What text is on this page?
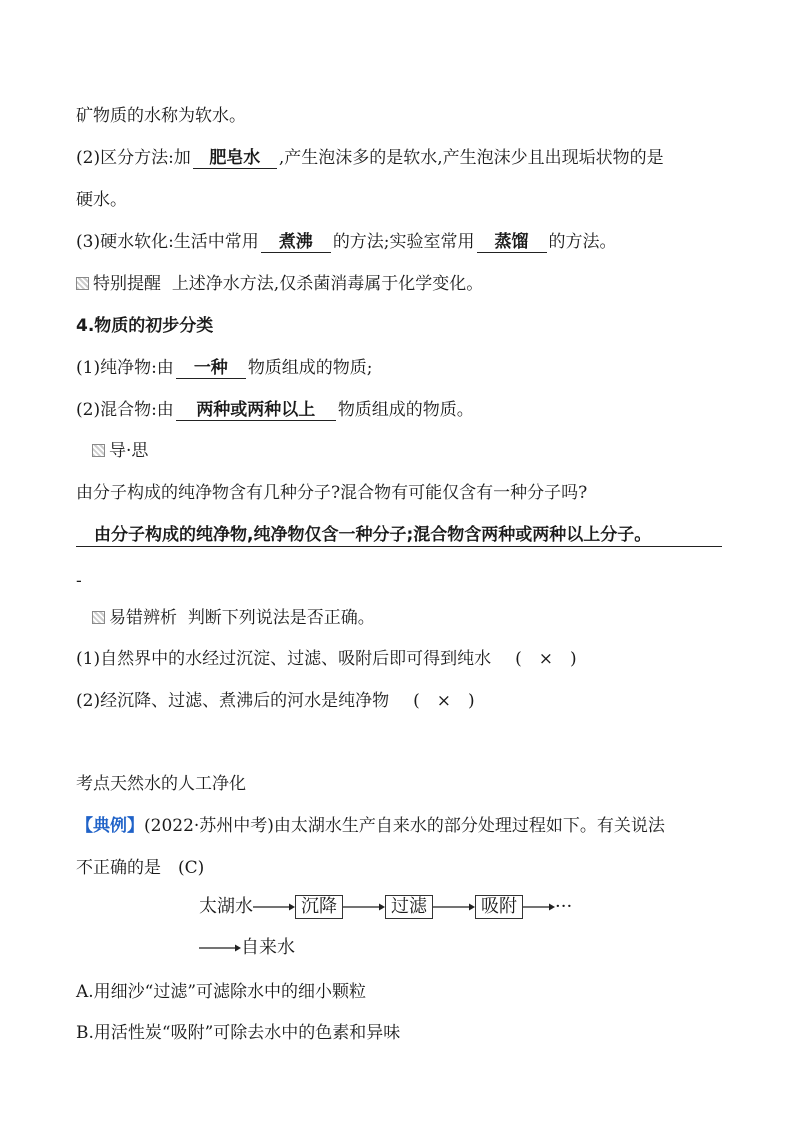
矿物质的水称为软水。
(2)区分方法:加 肥皂水 ,产生泡沫多的是软水,产生泡沫少且出现垢状物的是
硬水。
(3)硬水软化:生活中常用 煮沸 的方法;实验室常用 蒸馏 的方法。
特别提醒 上述净水方法,仅杀菌消毒属于化学变化。
4.物质的初步分类
(1)纯净物:由 一种 物质组成的物质;
(2)混合物:由 两种或两种以上 物质组成的物质。
导·思
由分子构成的纯净物含有几种分子?混合物有可能仅含有一种分子吗?
由分子构成的纯净物,纯净物仅含一种分子;混合物含两种或两种以上分子。
-
易错辨析 判断下列说法是否正确。
(1)自然界中的水经过沉淀、过滤、吸附后即可得到纯水 (　×　)
(2)经沉降、过滤、煮沸后的河水是纯净物 (　×　)
考点天然水的人工净化
【典例】(2022·苏州中考)由太湖水生产自来水的部分处理过程如下。有关说法
不正确的是　(C)
太湖水	沉降	过滤	吸附 ···
自来水
A.用细沙“过滤”可滤除水中的细小颗粒
B.用活性炭“吸附”可除去水中的色素和异味
